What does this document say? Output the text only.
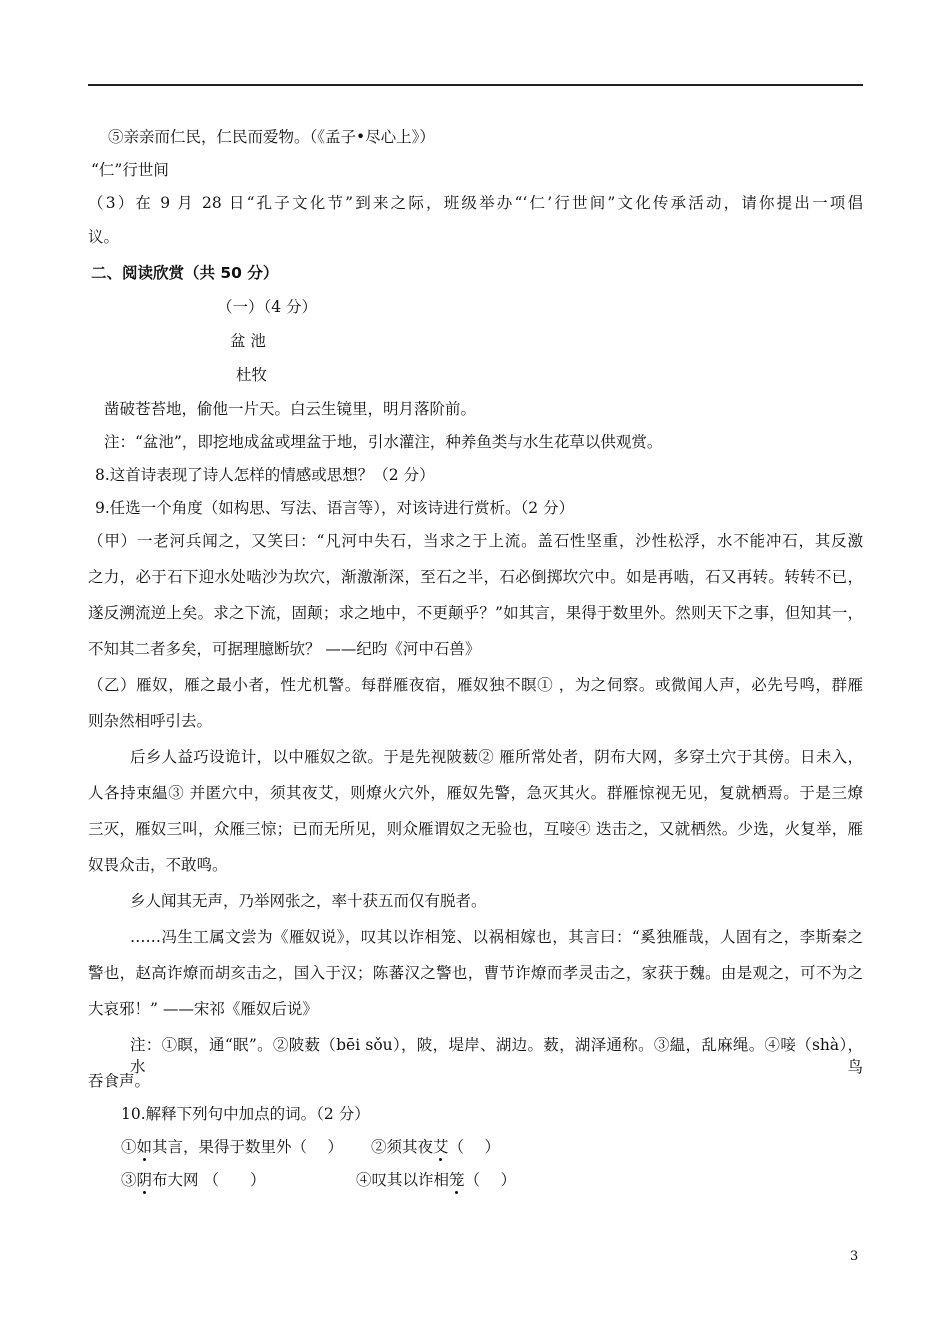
⑤亲亲而仁民，仁民而爱物。（《孟子•尽心上》）
“仁”行世间
（3）在 9 月 28 日“孔子文化节”到来之际，班级举办“‘仁’行世间”文化传承活动，请你提出一项倡
议。
二、阅读欣赏（共 50 分）
（一）（4 分）
盆 池
杜牧
凿破苍苔地，偷他一片天。白云生镜里，明月落阶前。
注：“盆池”，即挖地成盆或埋盆于地，引水灌注，种养鱼类与水生花草以供观赏。
8.这首诗表现了诗人怎样的情感或思想？（2 分）
9.任选一个角度（如构思、写法、语言等），对该诗进行赏析。（2 分）
（甲）一老河兵闻之，又笑曰：“凡河中失石，当求之于上流。盖石性坚重，沙性松浮，水不能冲石，其反激
之力，必于石下迎水处啮沙为坎穴，渐激渐深，至石之半，石必倒掷坎穴中。如是再啮，石又再转。转转不已，
遂反溯流逆上矣。求之下流，固颠；求之地中，不更颠乎？”如其言，果得于数里外。然则天下之事，但知其一，
不知其二者多矣，可据理臆断欤？ ——纪昀《河中石兽》
（乙）雁奴，雁之最小者，性尤机警。每群雁夜宿，雁奴独不瞑① ，为之伺察。或微闻人声，必先号鸣，群雁
则杂然相呼引去。
后乡人益巧设诡计，以中雁奴之欲。于是先视陂薮② 雁所常处者，阴布大网，多穿土穴于其傍。日未入，
人各持束緼③ 并匿穴中，须其夜艾，则燎火穴外，雁奴先警，急灭其火。群雁惊视无见，复就栖焉。于是三燎
三灭，雁奴三叫，众雁三惊；已而无所见，则众雁谓奴之无验也，互唼④ 迭击之，又就栖然。少选，火复举，雁
奴畏众击，不敢鸣。
乡人闻其无声，乃举网张之，率十获五而仅有脱者。
……冯生工属文尝为《雁奴说》，叹其以诈相笼、以祸相嫁也，其言曰：“奚独雁哉，人固有之，李斯秦之
警也，赵高诈燎而胡亥击之，国入于汉；陈蕃汉之警也，曹节诈燎而孝灵击之，家获于魏。由是观之，可不为之
大哀邪！” ——宋祁《雁奴后说》
注：①瞑，通“眠”。②陂薮（bēi sǒu），陂，堤岸、湖边。薮，湖泽通称。③緼，乱麻绳。④唼（shà），水鸟
吞食声。
10.解释下列句中加点的词。（2 分）
①如其言，果得于数里外（　 ） ②须其夜艾（　 ）
③阴布大网 （　　）	④叹其以诈相笼（　 ）
3
